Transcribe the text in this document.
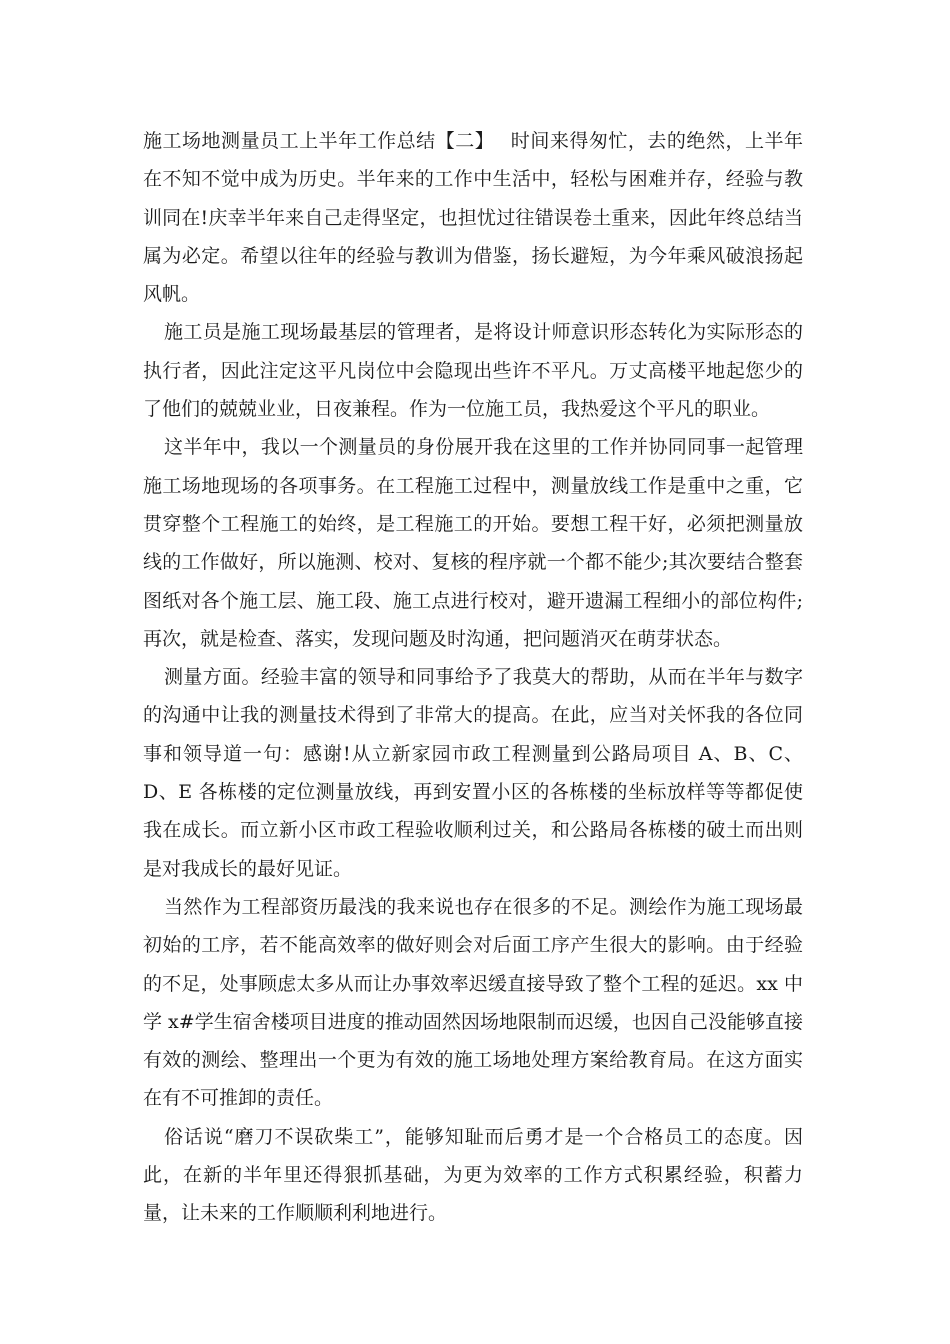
施工场地测量员工上半年工作总结【二】　 时间来得匆忙，去的绝然，上半年在不知不觉中成为历史。半年来的工作中生活中，轻松与困难并存，经验与教训同在!庆幸半年来自己走得坚定，也担忧过往错误卷土重来，因此年终总结当属为必定。希望以往年的经验与教训为借鉴，扬长避短，为今年乘风破浪扬起风帆。

施工员是施工现场最基层的管理者，是将设计师意识形态转化为实际形态的执行者，因此注定这平凡岗位中会隐现出些许不平凡。万丈高楼平地起您少的了他们的兢兢业业，日夜兼程。作为一位施工员，我热爱这个平凡的职业。

这半年中，我以一个测量员的身份展开我在这里的工作并协同同事一起管理施工场地现场的各项事务。在工程施工过程中，测量放线工作是重中之重，它贯穿整个工程施工的始终，是工程施工的开始。要想工程干好，必须把测量放线的工作做好，所以施测、校对、复核的程序就一个都不能少;其次要结合整套图纸对各个施工层、施工段、施工点进行校对，避开遗漏工程细小的部位构件;再次，就是检查、落实，发现问题及时沟通，把问题消灭在萌芽状态。

测量方面。经验丰富的领导和同事给予了我莫大的帮助，从而在半年与数字的沟通中让我的测量技术得到了非常大的提高。在此，应当对关怀我的各位同事和领导道一句：感谢!从立新家园市政工程测量到公路局项目 A、B、C、D、E 各栋楼的定位测量放线，再到安置小区的各栋楼的坐标放样等等都促使我在成长。而立新小区市政工程验收顺利过关，和公路局各栋楼的破土而出则是对我成长的最好见证。

当然作为工程部资历最浅的我来说也存在很多的不足。测绘作为施工现场最初始的工序，若不能高效率的做好则会对后面工序产生很大的影响。由于经验的不足，处事顾虑太多从而让办事效率迟缓直接导致了整个工程的延迟。xx 中学 x#学生宿舍楼项目进度的推动固然因场地限制而迟缓，也因自己没能够直接有效的测绘、整理出一个更为有效的施工场地处理方案给教育局。在这方面实在有不可推卸的责任。

俗话说“磨刀不误砍柴工”，能够知耻而后勇才是一个合格员工的态度。因此，在新的半年里还得狠抓基础，为更为效率的工作方式积累经验，积蓄力量，让未来的工作顺顺利利地进行。
